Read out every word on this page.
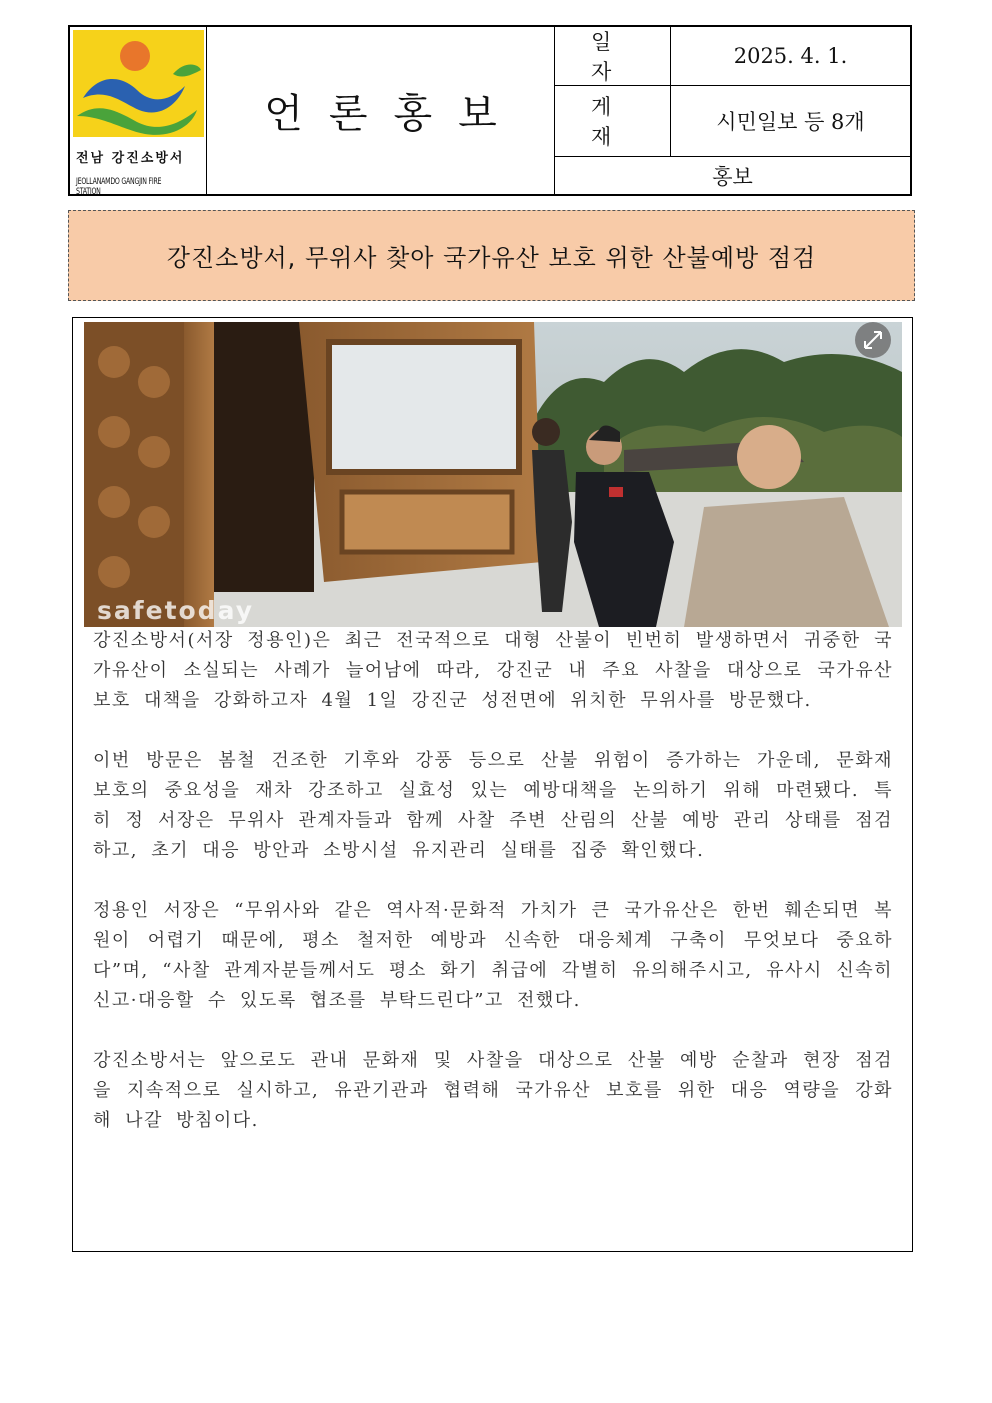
전남 강진소방서
JEOLLANAMDO GANGJIN FIRE STATION
언론홍보
일자
2025. 4. 1.
게재
시민일보 등 8개
홍보
강진소방서, 무위사 찾아 국가유산 보호 위한 산불예방 점검
safetoday

강진소방서(서장 정용인)은 최근 전국적으로 대형 산불이 빈번히 발생하면서 귀중한 국가유산이 소실되는 사례가 늘어남에 따라, 강진군 내 주요 사찰을 대상으로 국가유산 보호 대책을 강화하고자 4월 1일 강진군 성전면에 위치한 무위사를 방문했다.

이번 방문은 봄철 건조한 기후와 강풍 등으로 산불 위험이 증가하는 가운데, 문화재 보호의 중요성을 재차 강조하고 실효성 있는 예방대책을 논의하기 위해 마련됐다. 특히 정 서장은 무위사 관계자들과 함께 사찰 주변 산림의 산불 예방 관리 상태를 점검하고, 초기 대응 방안과 소방시설 유지관리 실태를 집중 확인했다.

정용인 서장은 “무위사와 같은 역사적·문화적 가치가 큰 국가유산은 한번 훼손되면 복원이 어렵기 때문에, 평소 철저한 예방과 신속한 대응체계 구축이 무엇보다 중요하다”며, “사찰 관계자분들께서도 평소 화기 취급에 각별히 유의해주시고, 유사시 신속히 신고·대응할 수 있도록 협조를 부탁드린다”고 전했다.

강진소방서는 앞으로도 관내 문화재 및 사찰을 대상으로 산불 예방 순찰과 현장 점검을 지속적으로 실시하고, 유관기관과 협력해 국가유산 보호를 위한 대응 역량을 강화해 나갈 방침이다.
